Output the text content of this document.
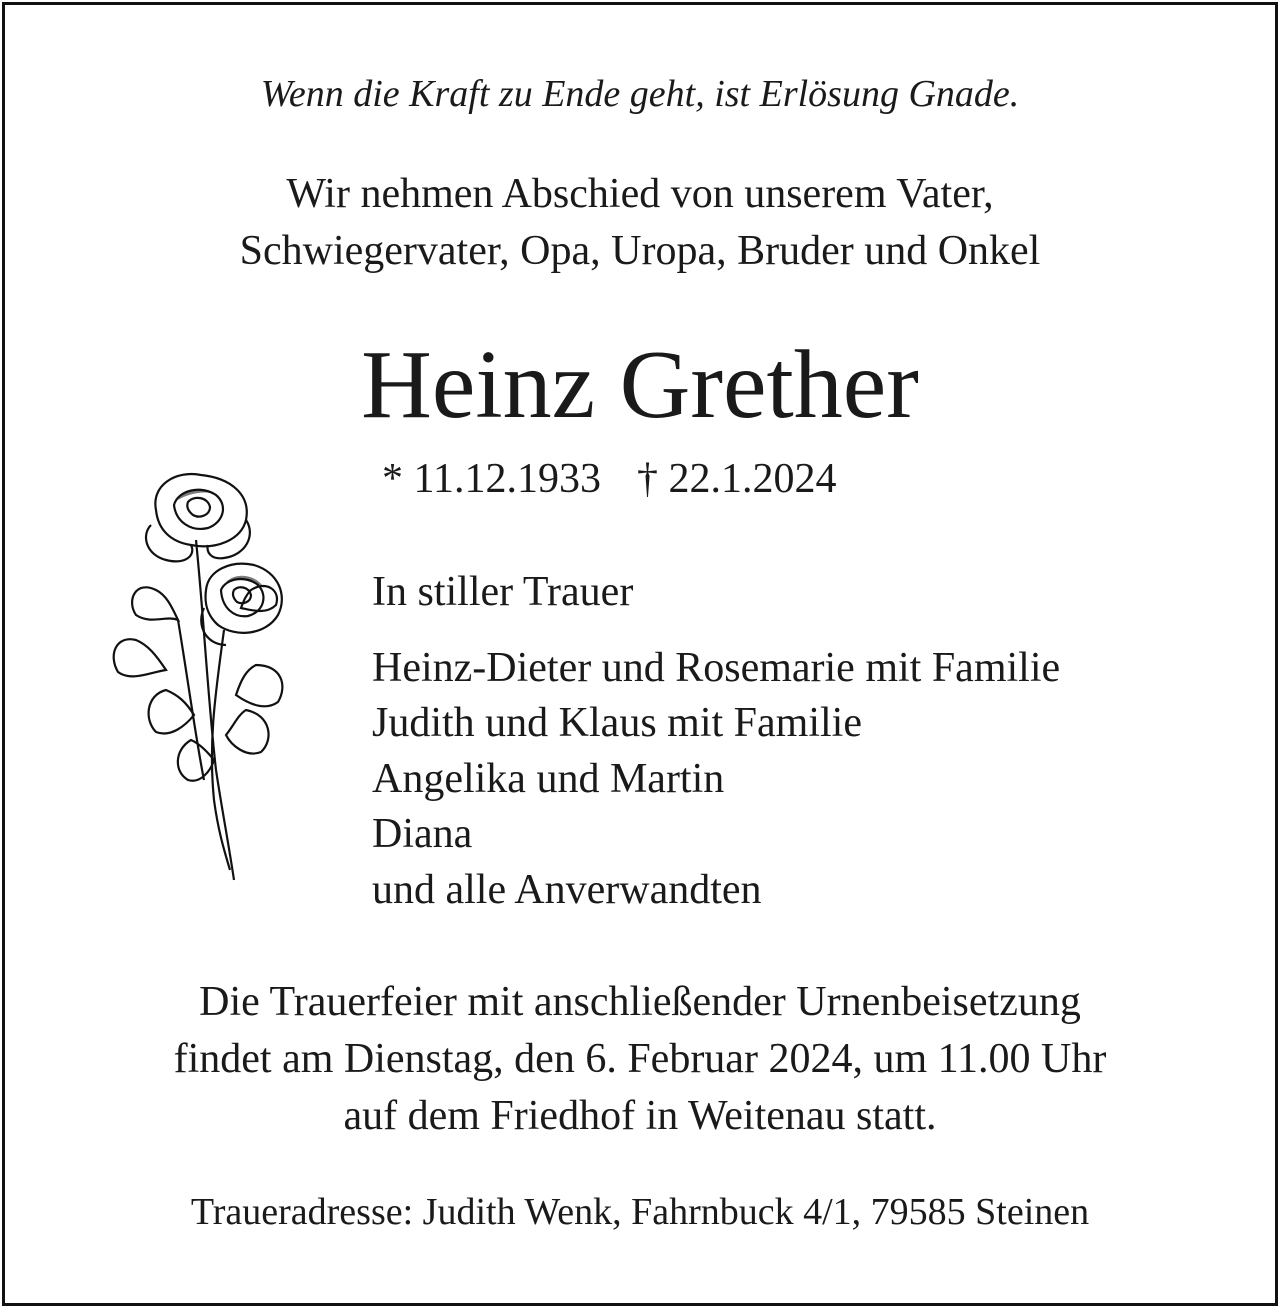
Wenn die Kraft zu Ende geht, ist Erlösung Gnade.
Wir nehmen Abschied von unserem Vater,
Schwiegervater, Opa, Uropa, Bruder und Onkel
Heinz Grether
* 11.12.1933 † 22.1.2024
In stiller Trauer
Heinz-Dieter und Rosemarie mit Familie
Judith und Klaus mit Familie
Angelika und Martin
Diana
und alle Anverwandten
Die Trauerfeier mit anschließender Urnenbeisetzung
findet am Dienstag, den 6. Februar 2024, um 11.00 Uhr
auf dem Friedhof in Weitenau statt.
Traueradresse: Judith Wenk, Fahrnbuck 4/1, 79585 Steinen
